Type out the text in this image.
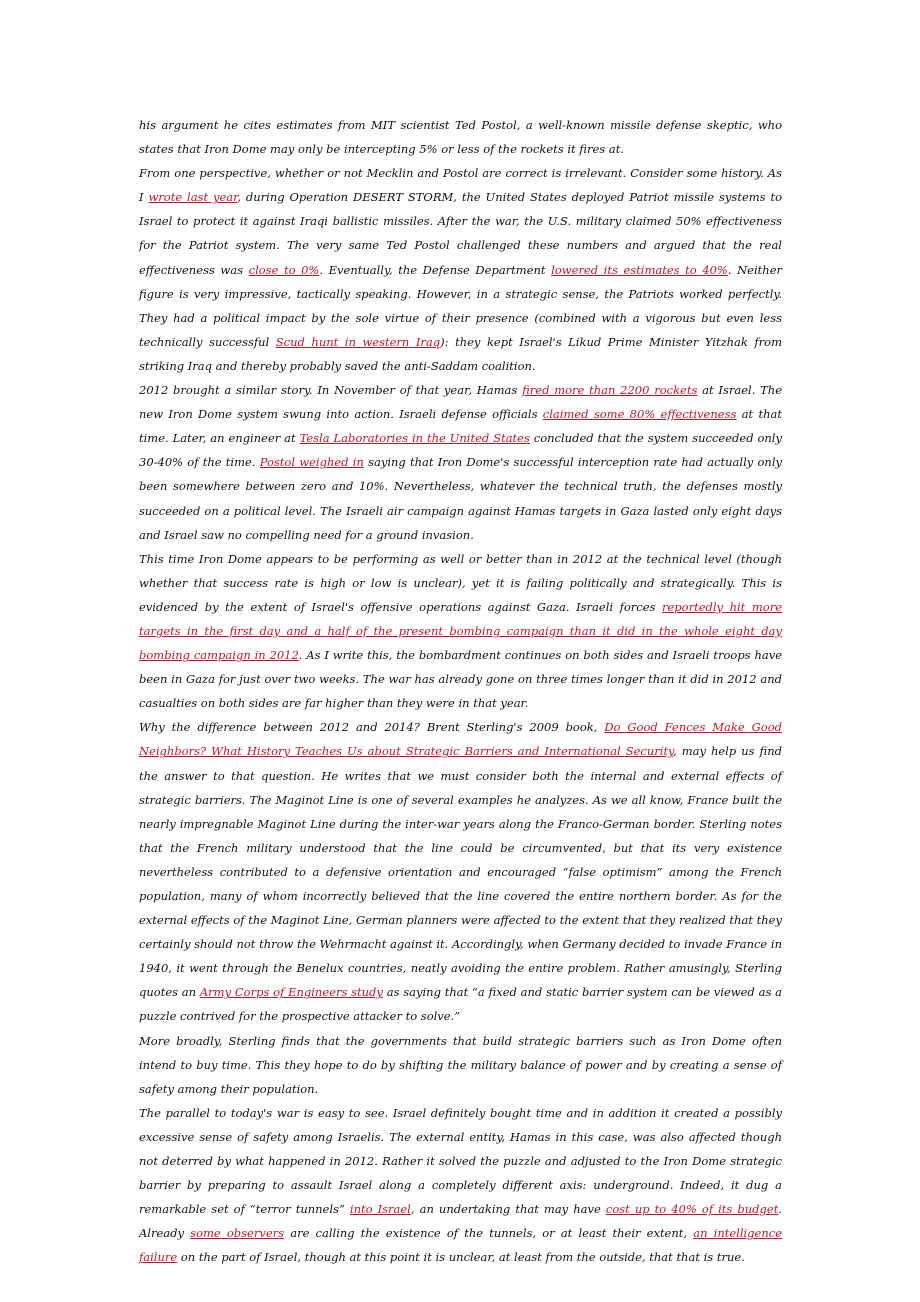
his argument he cites estimates from MIT scientist Ted Postol, a well-known missile defense skeptic, who states that Iron Dome may only be intercepting 5% or less of the rockets it fires at.

From one perspective, whether or not Mecklin and Postol are correct is irrelevant. Consider some history. As I wrote last year, during Operation DESERT STORM, the United States deployed Patriot missile systems to Israel to protect it against Iraqi ballistic missiles. After the war, the U.S. military claimed 50% effectiveness for the Patriot system. The very same Ted Postol challenged these numbers and argued that the real effectiveness was close to 0%. Eventually, the Defense Department lowered its estimates to 40%. Neither figure is very impressive, tactically speaking. However, in a strategic sense, the Patriots worked perfectly. They had a political impact by the sole virtue of their presence (combined with a vigorous but even less technically successful Scud hunt in western Iraq): they kept Israel's Likud Prime Minister Yitzhak from striking Iraq and thereby probably saved the anti-Saddam coalition.

2012 brought a similar story. In November of that year, Hamas fired more than 2200 rockets at Israel. The new Iron Dome system swung into action. Israeli defense officials claimed some 80% effectiveness at that time. Later, an engineer at Tesla Laboratories in the United States concluded that the system succeeded only 30-40% of the time. Postol weighed in saying that Iron Dome's successful interception rate had actually only been somewhere between zero and 10%. Nevertheless, whatever the technical truth, the defenses mostly succeeded on a political level. The Israeli air campaign against Hamas targets in Gaza lasted only eight days and Israel saw no compelling need for a ground invasion.

This time Iron Dome appears to be performing as well or better than in 2012 at the technical level (though whether that success rate is high or low is unclear), yet it is failing politically and strategically. This is evidenced by the extent of Israel's offensive operations against Gaza. Israeli forces reportedly hit more targets in the first day and a half of the present bombing campaign than it did in the whole eight day bombing campaign in 2012. As I write this, the bombardment continues on both sides and Israeli troops have been in Gaza for just over two weeks. The war has already gone on three times longer than it did in 2012 and casualties on both sides are far higher than they were in that year.

Why the difference between 2012 and 2014? Brent Sterling's 2009 book, Do Good Fences Make Good Neighbors? What History Teaches Us about Strategic Barriers and International Security, may help us find the answer to that question. He writes that we must consider both the internal and external effects of strategic barriers. The Maginot Line is one of several examples he analyzes. As we all know, France built the nearly impregnable Maginot Line during the inter-war years along the Franco-German border. Sterling notes that the French military understood that the line could be circumvented, but that its very existence nevertheless contributed to a defensive orientation and encouraged “false optimism” among the French population, many of whom incorrectly believed that the line covered the entire northern border. As for the external effects of the Maginot Line, German planners were affected to the extent that they realized that they certainly should not throw the Wehrmacht against it. Accordingly, when Germany decided to invade France in 1940, it went through the Benelux countries, neatly avoiding the entire problem. Rather amusingly, Sterling quotes an Army Corps of Engineers study as saying that “a fixed and static barrier system can be viewed as a puzzle contrived for the prospective attacker to solve.”

More broadly, Sterling finds that the governments that build strategic barriers such as Iron Dome often intend to buy time. This they hope to do by shifting the military balance of power and by creating a sense of safety among their population.

The parallel to today's war is easy to see. Israel definitely bought time and in addition it created a possibly excessive sense of safety among Israelis. The external entity, Hamas in this case, was also affected though not deterred by what happened in 2012. Rather it solved the puzzle and adjusted to the Iron Dome strategic barrier by preparing to assault Israel along a completely different axis: underground. Indeed, it dug a remarkable set of “terror tunnels” into Israel, an undertaking that may have cost up to 40% of its budget. Already some observers are calling the existence of the tunnels, or at least their extent, an intelligence failure on the part of Israel, though at this point it is unclear, at least from the outside, that that is true.
